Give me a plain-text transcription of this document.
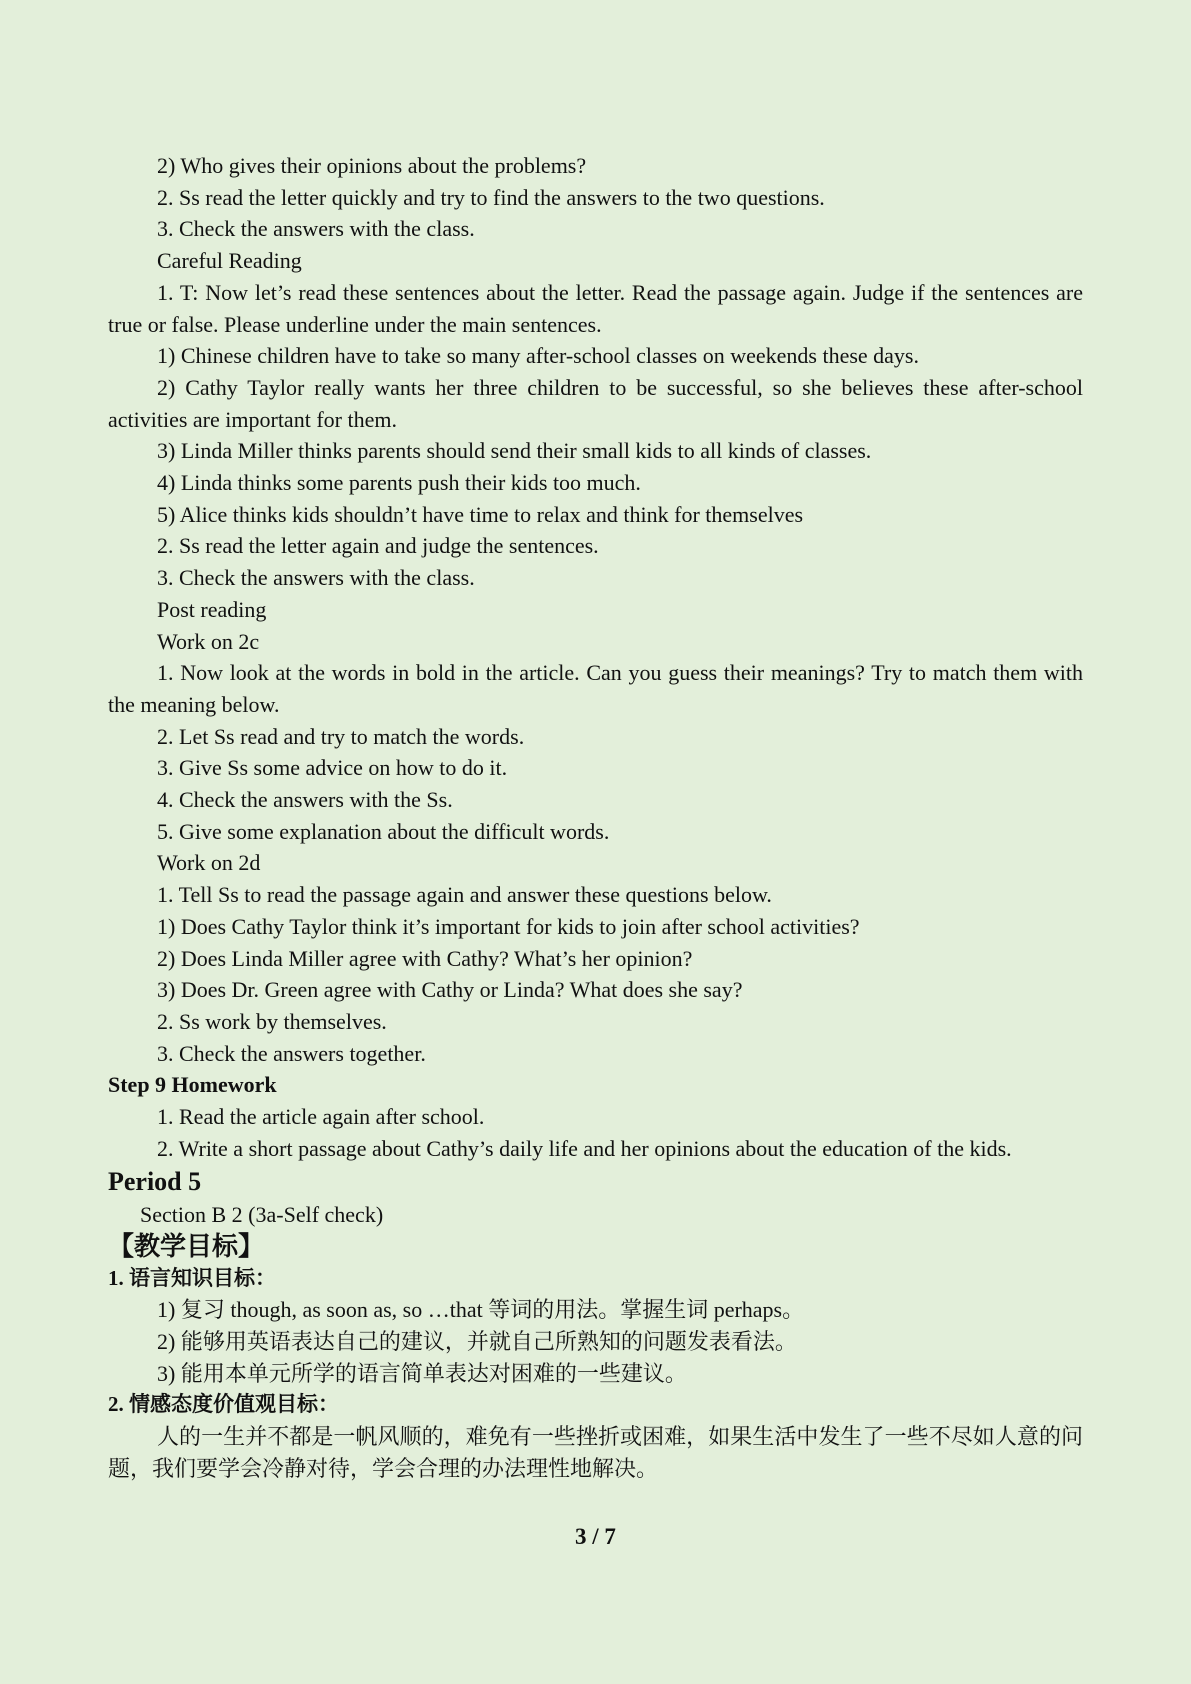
2) Who gives their opinions about the problems?

2. Ss read the letter quickly and try to find the answers to the two questions.

3. Check the answers with the class.

Careful Reading

1. T: Now let’s read these sentences about the letter. Read the passage again. Judge if the sentences are true or false. Please underline under the main sentences.

1) Chinese children have to take so many after-school classes on weekends these days.

2) Cathy Taylor really wants her three children to be successful, so she believes these after-school activities are important for them.

3) Linda Miller thinks parents should send their small kids to all kinds of classes.

4) Linda thinks some parents push their kids too much.

5) Alice thinks kids shouldn’t have time to relax and think for themselves

2. Ss read the letter again and judge the sentences.

3. Check the answers with the class.

Post reading

Work on 2c

1. Now look at the words in bold in the article. Can you guess their meanings? Try to match them with the meaning below.

2. Let Ss read and try to match the words.

3. Give Ss some advice on how to do it.

4. Check the answers with the Ss.

5. Give some explanation about the difficult words.

Work on 2d

1. Tell Ss to read the passage again and answer these questions below.

1) Does Cathy Taylor think it’s important for kids to join after school activities?

2) Does Linda Miller agree with Cathy? What’s her opinion?

3) Does Dr. Green agree with Cathy or Linda? What does she say?

2. Ss work by themselves.

3. Check the answers together.

Step 9 Homework

1. Read the article again after school.

2. Write a short passage about Cathy’s daily life and her opinions about the education of the kids.

Period 5

Section B 2 (3a-Self check)

【教学目标】

1. 语言知识目标：

1) 复习 though, as soon as, so …that 等词的用法。掌握生词 perhaps。

2) 能够用英语表达自己的建议，并就自己所熟知的问题发表看法。

3) 能用本单元所学的语言简单表达对困难的一些建议。

2. 情感态度价值观目标：

人的一生并不都是一帆风顺的，难免有一些挫折或困难，如果生活中发生了一些不尽如人意的问题，我们要学会冷静对待，学会合理的办法理性地解决。

3 / 7
